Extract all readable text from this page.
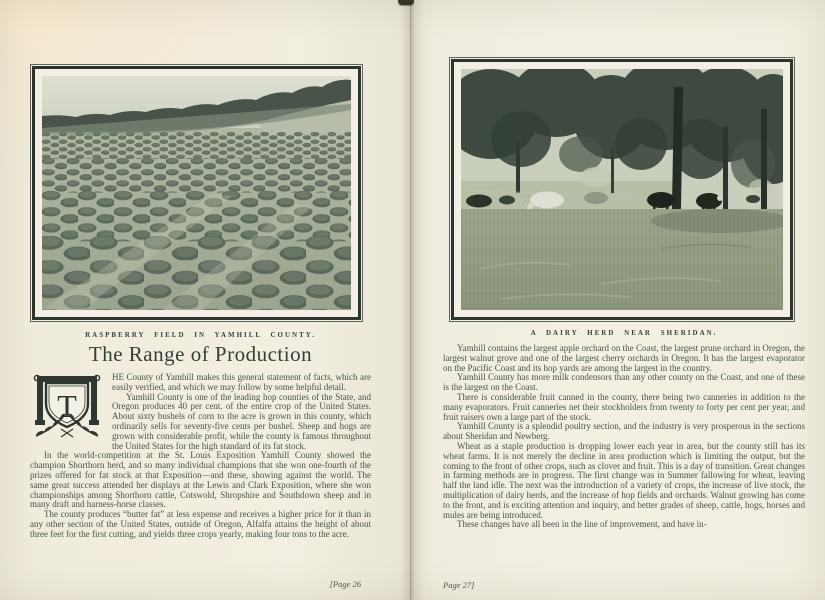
RASPBERRY FIELD IN YAMHILL COUNTY.
The Range of Production
T

HE County of Yamhill makes this general statement of facts, which are easily verified, and which we may follow by some helpful detail.

Yamhill County is one of the leading hop counties of the State, and Oregon produces 40 per cent. of the entire crop of the United States. About sixty bushels of corn to the acre is grown in this county, which ordinarily sells for seventy-five cents per bushel. Sheep and hogs are grown with considerable profit, while the county is famous throughout the United States for the high standard of its fat stock.

In the world-competition at the St. Louis Exposition Yamhill County showed the champion Shorthorn herd, and so many individual champions that she won one-fourth of the prizes offered for fat stock at that Exposition—and these, showing against the world. The same great success attended her displays at the Lewis and Clark Exposition, where she won championships among Shorthorn cattle, Cotswold, Shropshire and Southdown sheep and in many draft and harness-horse classes.

The county produces “butter fat” at less expense and receives a higher price for it than in any other section of the United States, outside of Oregon, Alfalfa attains the height of about three feet for the first cutting, and yields three crops yearly, making four tons to the acre.

[Page 26
A DAIRY HERD NEAR SHERIDAN.

Yamhill contains the largest apple orchard on the Coast, the largest prune orchard in Oregon, the largest walnut grove and one of the largest cherry orchards in Oregon. It has the largest evaporator on the Pacific Coast and its hop yards are among the largest in the country.

Yamhill County has more milk condensors than any other county on the Coast, and one of these is the largest on the Coast.

There is considerable fruit canned in the county, there being two canneries in addition to the many evaporators. Fruit canneries net their stockholders from twenty to forty per cent per year, and fruit raisers own a large part of the stock.

Yamhill County is a splendid poultry section, and the industry is very prosperous in the sections about Sheridan and Newberg.

Wheat as a staple production is dropping lower each year in area, but the county still has its wheat farms. It is not merely the decline in area production which is limiting the output, but the coming to the front of other crops, such as clover and fruit. This is a day of transition. Great changes in farming methods are in progress. The first change was in Summer fallowing for wheat, leaving half the land idle. The next was the introduction of a variety of crops, the increase of live stock, the multiplication of dairy herds, and the increase of hop fields and orchards. Walnut growing has come to the front, and is exciting attention and inquiry, and better grades of sheep, cattle, hogs, horses and mules are being introduced.

These changes have all been in the line of improvement, and have in-

Page 27]
